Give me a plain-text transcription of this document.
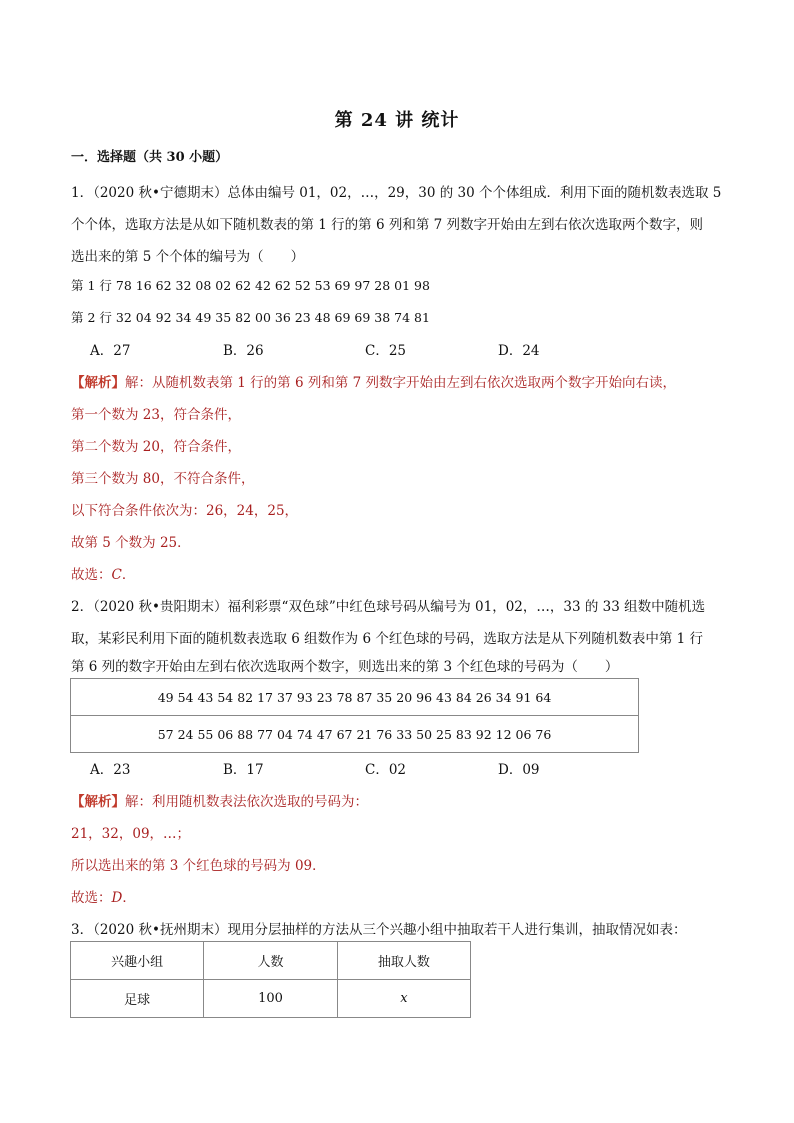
第 24 讲 统计
一．选择题（共 30 小题）
1．（2020 秋•宁德期末）总体由编号 01，02，…，29，30 的 30 个个体组成．利用下面的随机数表选取 5
个个体，选取方法是从如下随机数表的第 1 行的第 6 列和第 7 列数字开始由左到右依次选取两个数字，则
选出来的第 5 个个体的编号为（　　）
第 1 行 78 16 62 32 08 02 62 42 62 52 53 69 97 28 01 98
第 2 行 32 04 92 34 49 35 82 00 36 23 48 69 69 38 74 81
A．27	B．26	C．25	D．24
【解析】解：从随机数表第 1 行的第 6 列和第 7 列数字开始由左到右依次选取两个数字开始向右读，
第一个数为 23，符合条件，
第二个数为 20，符合条件，
第三个数为 80，不符合条件，
以下符合条件依次为：26，24，25，
故第 5 个数为 25．
故选：C．
2．（2020 秋•贵阳期末）福利彩票“双色球”中红色球号码从编号为 01，02，…，33 的 33 组数中随机选
取，某彩民利用下面的随机数表选取 6 组数作为 6 个红色球的号码，选取方法是从下列随机数表中第 1 行
第 6 列的数字开始由左到右依次选取两个数字，则选出来的第 3 个红色球的号码为（　　）
49 54 43 54 82 17 37 93 23 78 87 35 20 96 43 84 26 34 91 64
57 24 55 06 88 77 04 74 47 67 21 76 33 50 25 83 92 12 06 76
A．23	B．17	C．02	D．09
【解析】解：利用随机数表法依次选取的号码为：
21，32，09，…；
所以选出来的第 3 个红色球的号码为 09．
故选：D．
3．（2020 秋•抚州期末）现用分层抽样的方法从三个兴趣小组中抽取若干人进行集训，抽取情况如表：
兴趣小组	人数	抽取人数
足球	100	x
